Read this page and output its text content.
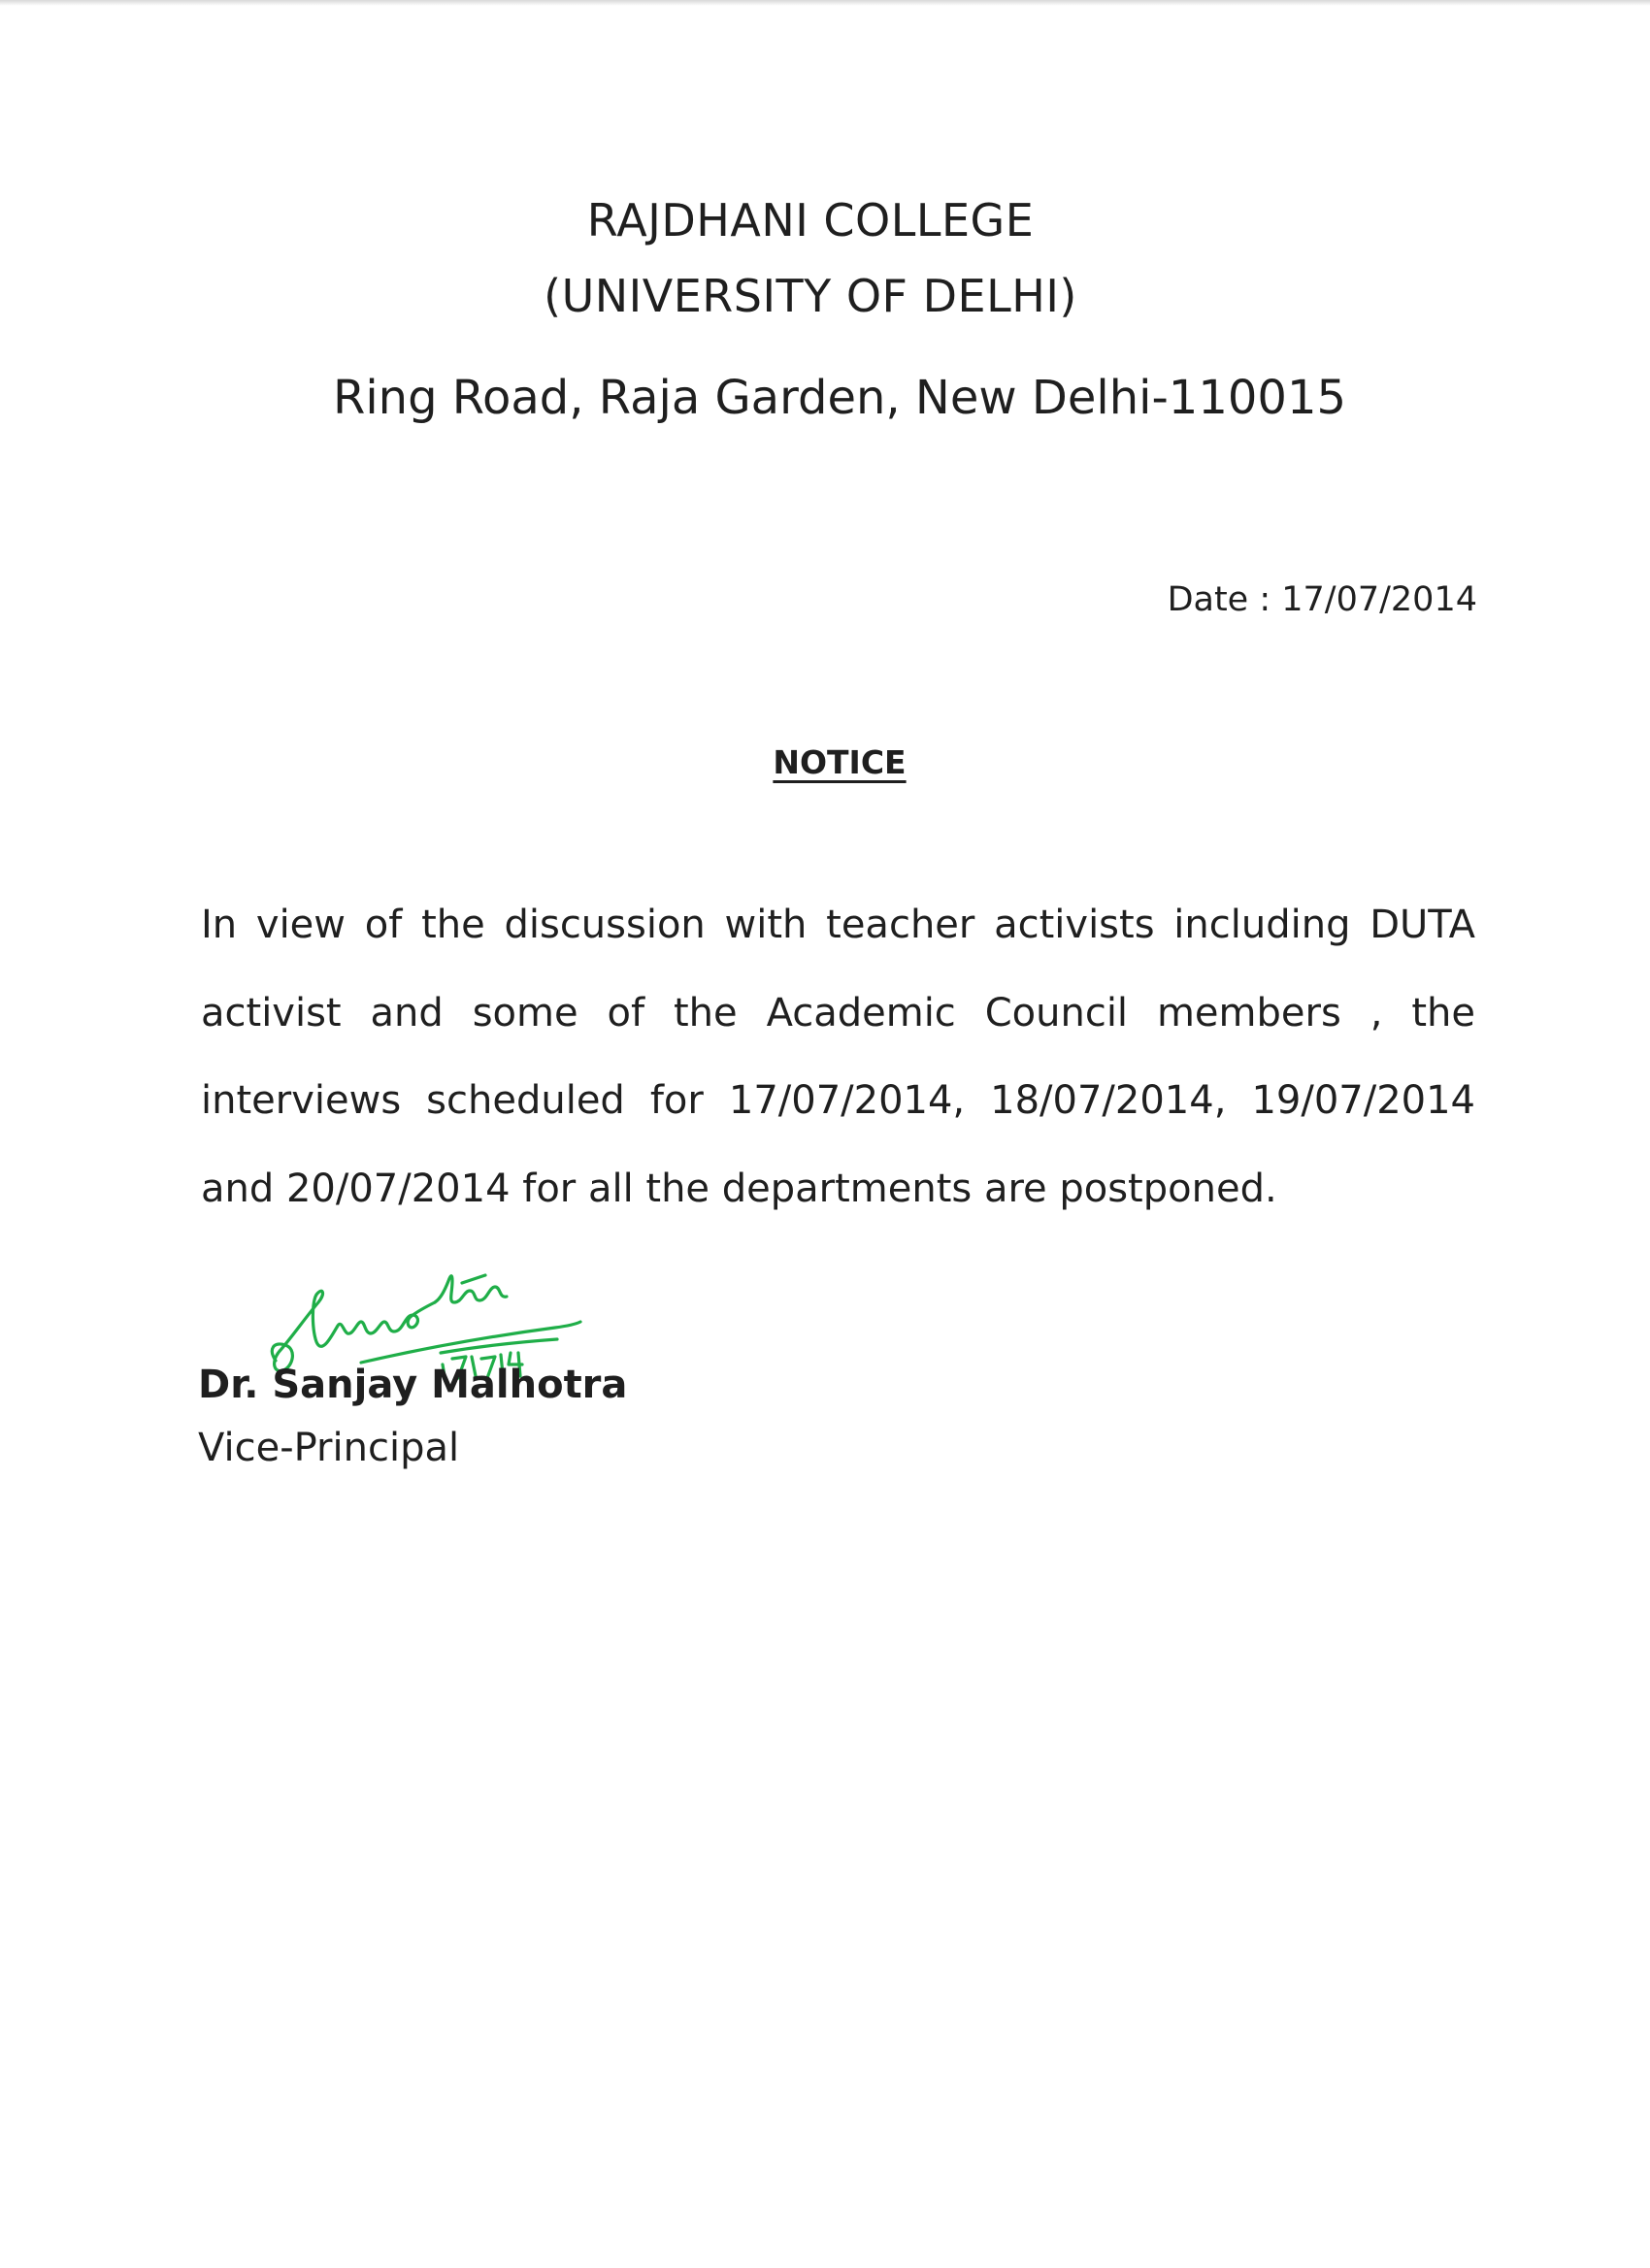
RAJDHANI COLLEGE
(UNIVERSITY OF DELHI)
Ring Road, Raja Garden, New Delhi-110015
Date : 17/07/2014
NOTICE

In view of the discussion with teacher activists including DUTA

activist and some of the Academic Council members , the

interviews scheduled for 17/07/2014, 18/07/2014, 19/07/2014

and 20/07/2014 for all the departments are postponed.

Dr. Sanjay Malhotra

Vice-Principal
